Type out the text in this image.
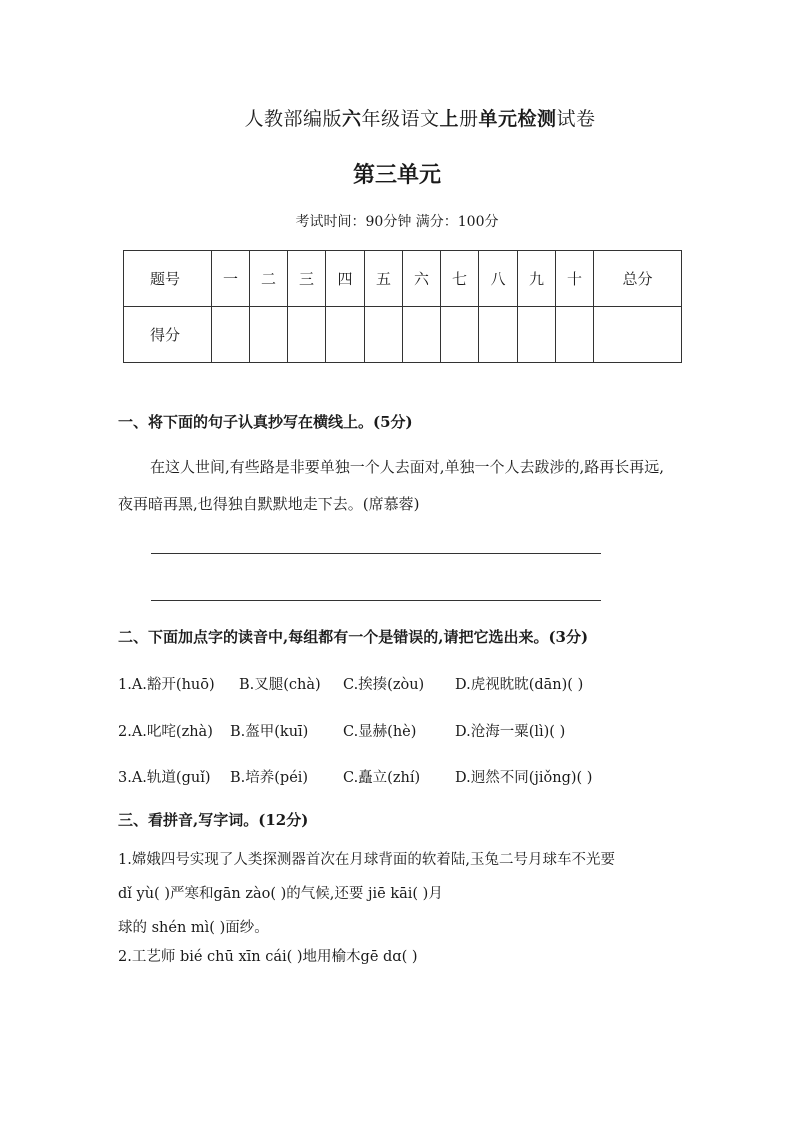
人教部编版六年级语文上册单元检测试卷
第三单元
考试时间：90分钟 满分：100分
题号	一	二	三	四	五	六	七	八	九	十	总分
得分											
一、将下面的句子认真抄写在横线上。(5分)
在这人世间,有些路是非要单独一个人去面对,单独一个人去跋涉的,路再长再远,夜再暗再黑,也得独自默默地走下去。(席慕蓉)
二、下面加点字的读音中,每组都有一个是错误的,请把它选出来。(3分)
1.A.豁开(huō) B.叉腿(chà) C.挨揍(zòu) D.虎视眈眈(dān)( )
2.A.叱咤(zhà) B.盔甲(kuī) C.显赫(hè)	D.沧海一粟(lì)( )
3.A.轨道(guǐ) B.培养(péi) C.矗立(zhí) D.迥然不同(jiǒng)( )
三、看拼音,写字词。(12分)
1.嫦娥四号实现了人类探测器首次在月球背面的软着陆,玉兔二号月球车不光要
dǐ yù( )严寒和gān zào( )的气候,还要 jiē kāi( )月
球的 shén mì( )面纱。
2.工艺师 bié chū xīn cái( )地用榆木gē dɑ( )
